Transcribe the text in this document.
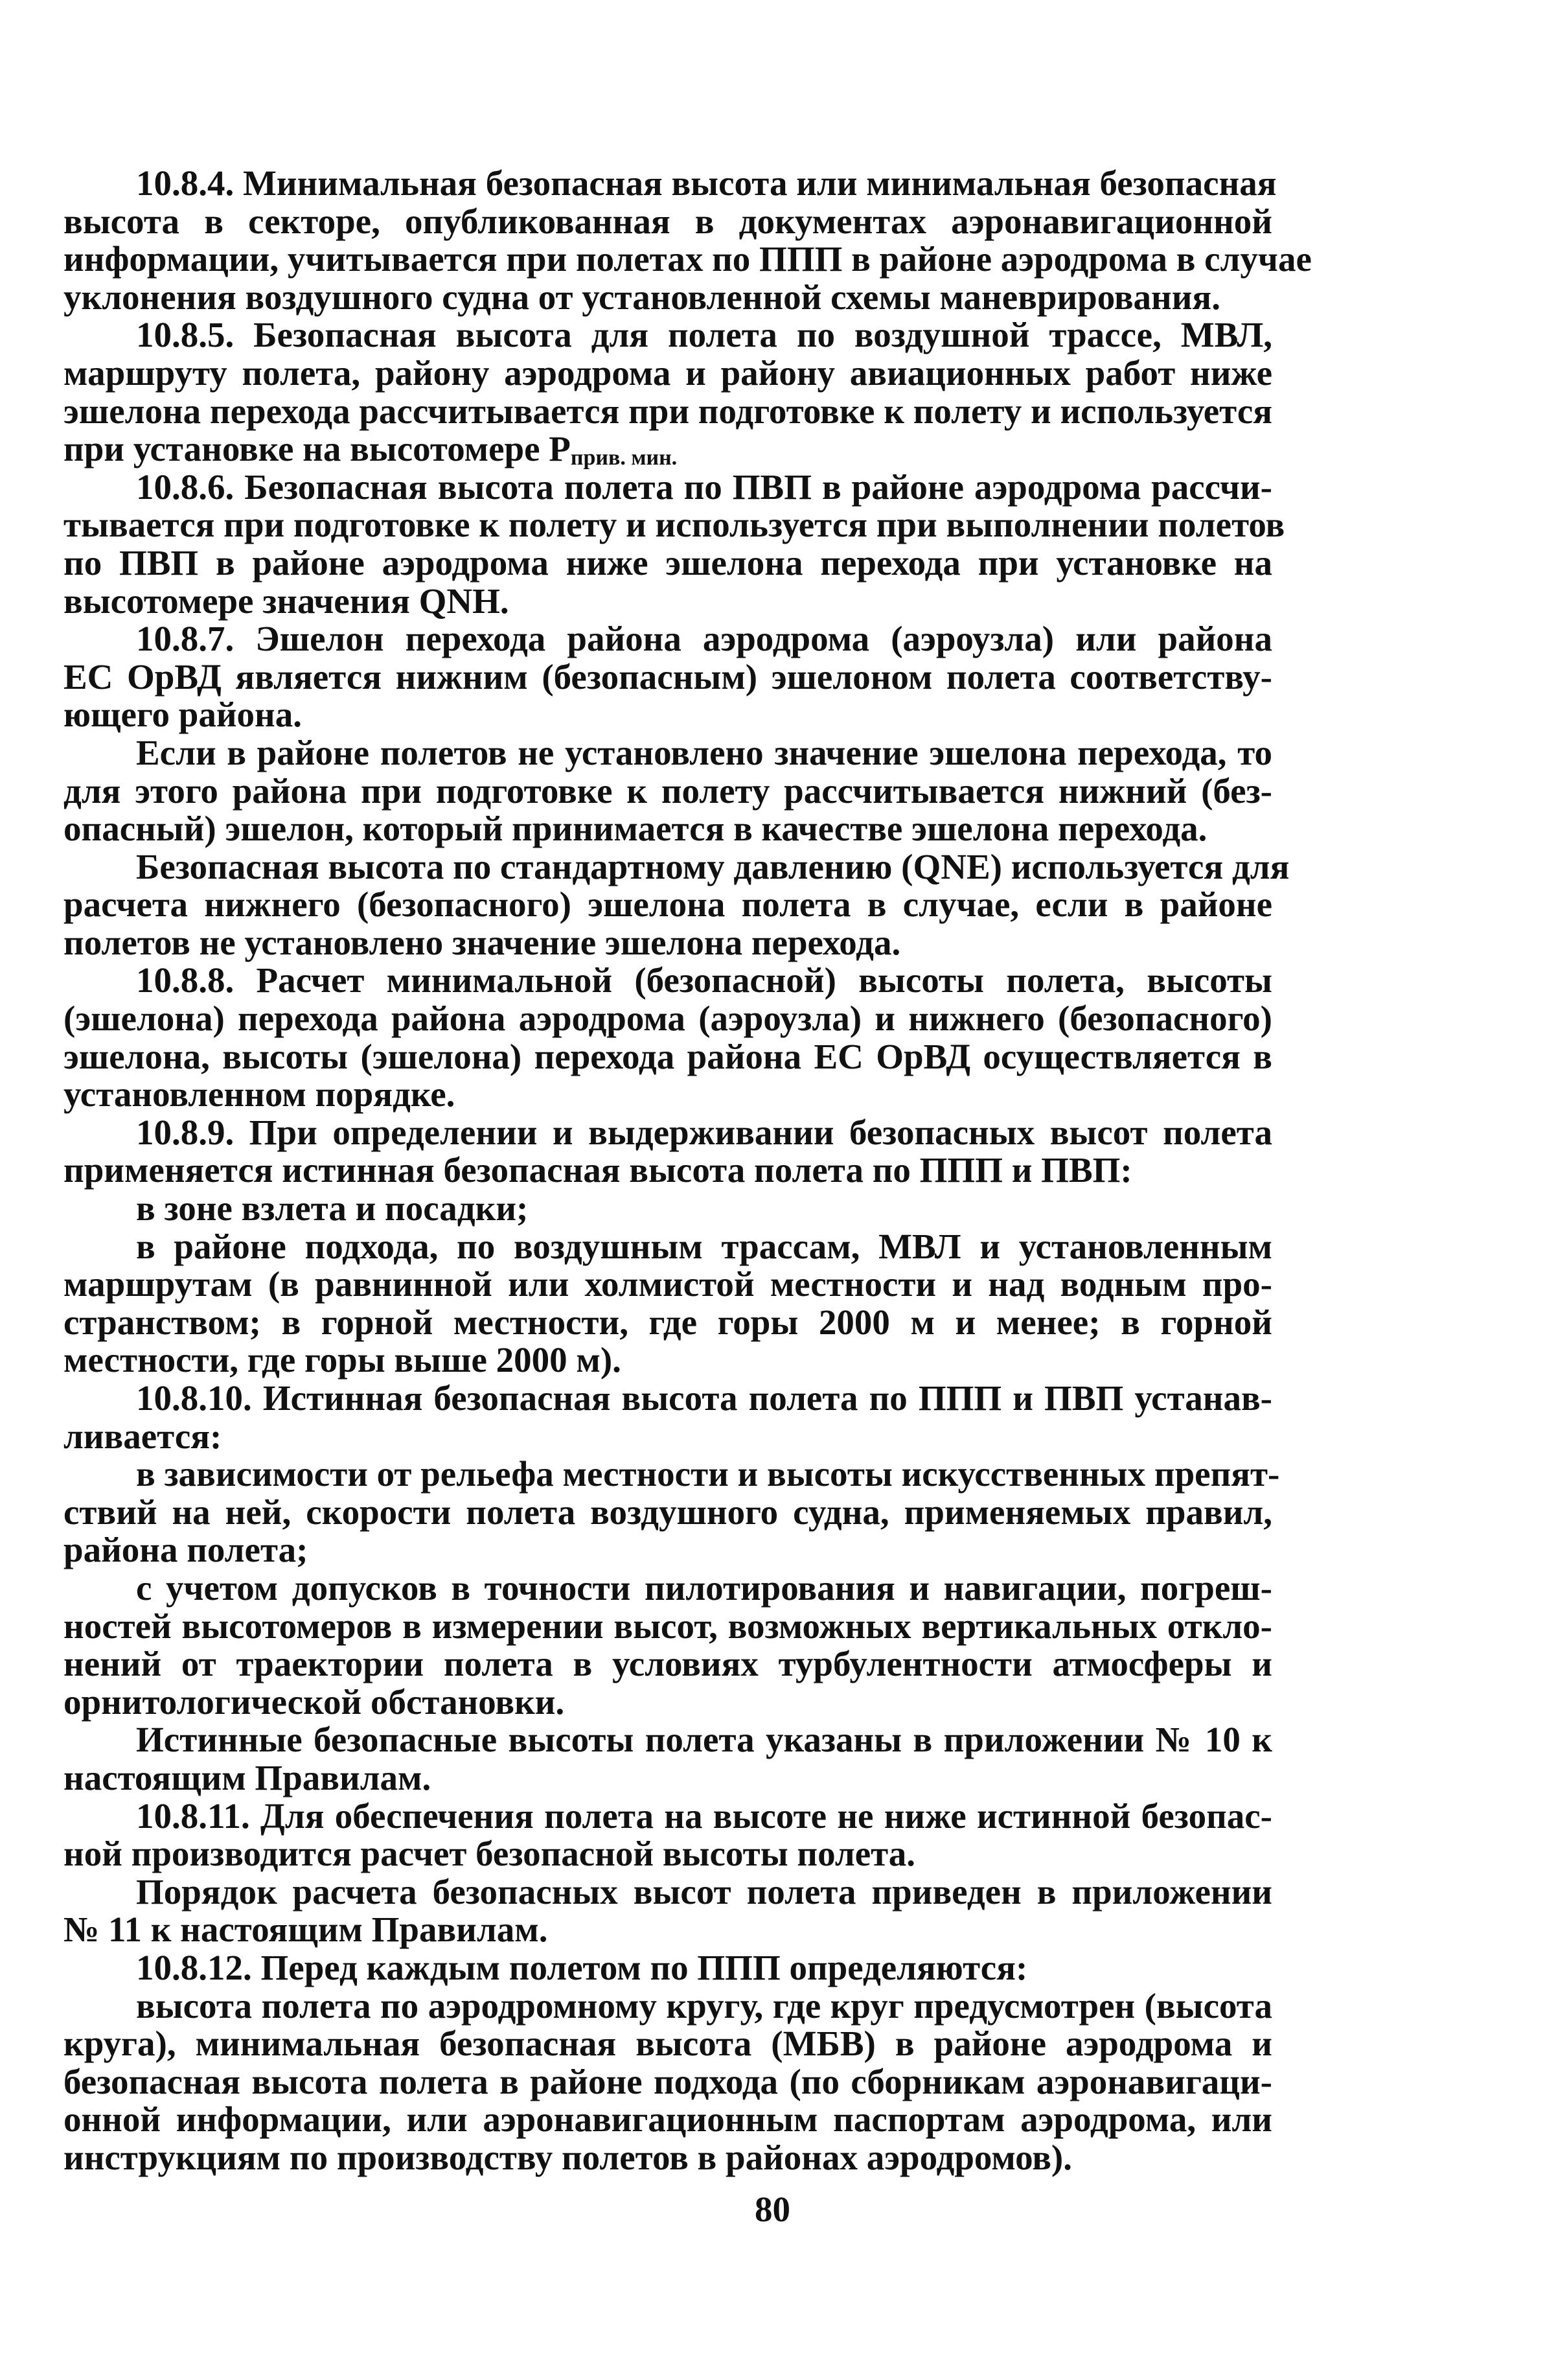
10.8.4. Минимальная безопасная высота или минимальная безопасная
высота в секторе, опубликованная в документах аэронавигационной
информации, учитывается при полетах по ППП в районе аэродрома в случае
уклонения воздушного судна от установленной схемы маневрирования.
10.8.5. Безопасная высота для полета по воздушной трассе, МВЛ,
маршруту полета, району аэродрома и району авиационных работ ниже
эшелона перехода рассчитывается при подготовке к полету и используется
при установке на высотомере Рприв. мин.
10.8.6. Безопасная высота полета по ПВП в районе аэродрома рассчи-
тывается при подготовке к полету и используется при выполнении полетов
по ПВП в районе аэродрома ниже эшелона перехода при установке на
высотомере значения QNH.
10.8.7. Эшелон перехода района аэродрома (аэроузла) или района
ЕС ОрВД является нижним (безопасным) эшелоном полета соответству-
ющего района.
Если в районе полетов не установлено значение эшелона перехода, то
для этого района при подготовке к полету рассчитывается нижний (без-
опасный) эшелон, который принимается в качестве эшелона перехода.
Безопасная высота по стандартному давлению (QNE) используется для
расчета нижнего (безопасного) эшелона полета в случае, если в районе
полетов не установлено значение эшелона перехода.
10.8.8. Расчет минимальной (безопасной) высоты полета, высоты
(эшелона) перехода района аэродрома (аэроузла) и нижнего (безопасного)
эшелона, высоты (эшелона) перехода района ЕС ОрВД осуществляется в
установленном порядке.
10.8.9. При определении и выдерживании безопасных высот полета
применяется истинная безопасная высота полета по ППП и ПВП:
в зоне взлета и посадки;
в районе подхода, по воздушным трассам, МВЛ и установленным
маршрутам (в равнинной или холмистой местности и над водным про-
странством; в горной местности, где горы 2000 м и менее; в горной
местности, где горы выше 2000 м).
10.8.10. Истинная безопасная высота полета по ППП и ПВП устанав-
ливается:
в зависимости от рельефа местности и высоты искусственных препят-
ствий на ней, скорости полета воздушного судна, применяемых правил,
района полета;
с учетом допусков в точности пилотирования и навигации, погреш-
ностей высотомеров в измерении высот, возможных вертикальных откло-
нений от траектории полета в условиях турбулентности атмосферы и
орнитологической обстановки.
Истинные безопасные высоты полета указаны в приложении № 10 к
настоящим Правилам.
10.8.11. Для обеспечения полета на высоте не ниже истинной безопас-
ной производится расчет безопасной высоты полета.
Порядок расчета безопасных высот полета приведен в приложении
№ 11 к настоящим Правилам.
10.8.12. Перед каждым полетом по ППП определяются:
высота полета по аэродромному кругу, где круг предусмотрен (высота
круга), минимальная безопасная высота (МБВ) в районе аэродрома и
безопасная высота полета в районе подхода (по сборникам аэронавигаци-
онной информации, или аэронавигационным паспортам аэродрома, или
инструкциям по производству полетов в районах аэродромов).
80
